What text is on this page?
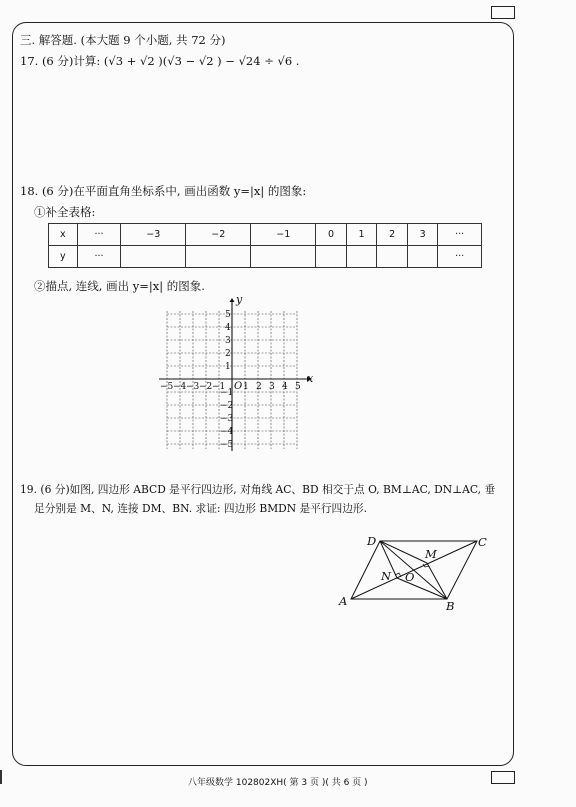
三. 解答题. (本大题 9 个小题, 共 72 分)
17. (6 分)计算: (√3 + √2 )(√3 − √2 ) − √24 ÷ √6 .
18. (6 分)在平面直角坐标系中, 画出函数 y=|x| 的图象:
①补全表格:
x	···	−3	−2	−1	0	1	2	3	···
y	···								···
②描点, 连线, 画出 y=|x| 的图象.
x
y
O
−5 −4 −3 −2 −1 1 2 3 4 5
5
4
3
2
1
−1
−2
−3
−4
−5
19. (6 分)如图, 四边形 ABCD 是平行四边形, 对角线 AC、BD 相交于点 O, BM⊥AC, DN⊥AC, 垂
足分别是 M、N, 连接 DM、BN. 求证: 四边形 BMDN 是平行四边形.
A	B
C
D
M
N O
八年级数学 102802XH( 第 3 页 )( 共 6 页 )
